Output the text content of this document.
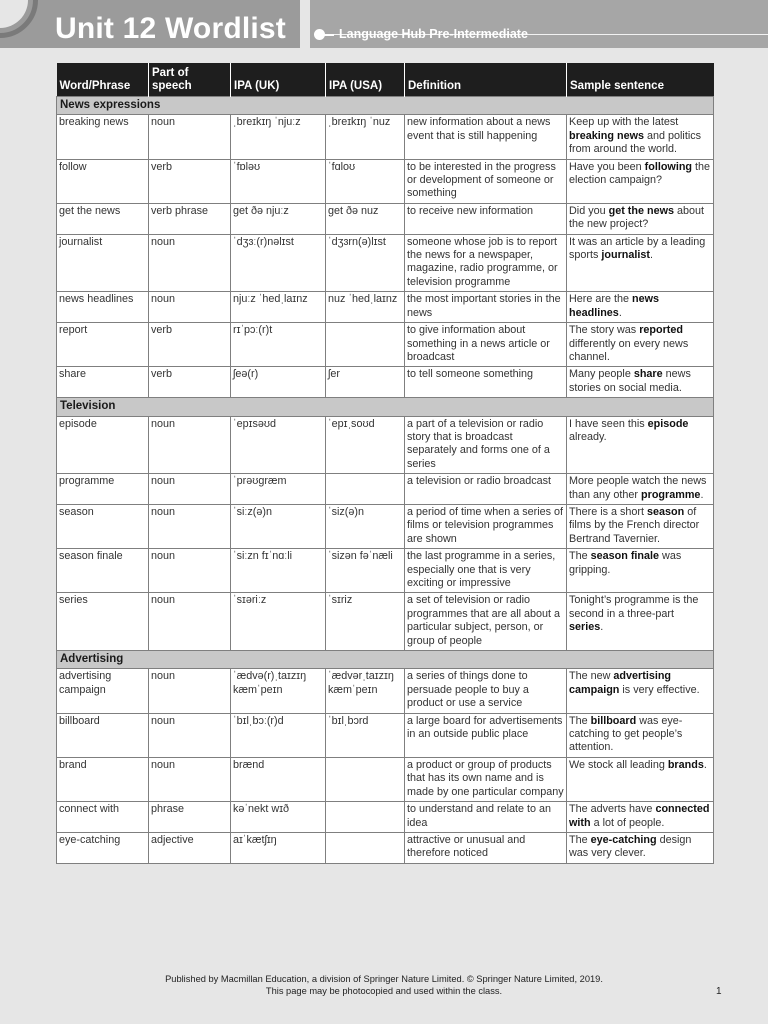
Unit 12 Wordlist	Language Hub Pre-Intermediate
Word/Phrase	Part of speech	IPA (UK)	IPA (USA)	Definition	Sample sentence
News expressions					
breaking news	noun	ˌbreɪkɪŋ ˈnjuːz	ˌbreɪkɪŋ ˈnuz	new information about a news event that is still happening	Keep up with the latest breaking news and politics from around the world.
follow	verb	ˈfɒləʊ	ˈfɑloʊ	to be interested in the progress or development of someone or something	Have you been following the election campaign?
get the news	verb phrase	ɡet ðə njuːz	ɡet ðə nuz	to receive new information	Did you get the news about the new project?
journalist	noun	ˈdʒɜː(r)nəlɪst	ˈdʒɜrn(ə)lɪst	someone whose job is to report the news for a newspaper, magazine, radio programme, or television programme	It was an article by a leading sports journalist.
news headlines	noun	njuːz ˈhedˌlaɪnz	nuz ˈhedˌlaɪnz	the most important stories in the news	Here are the news headlines.
report	verb	rɪˈpɔː(r)t		to give information about something in a news article or broadcast	The story was reported differently on every news channel.
share	verb	ʃeə(r)	ʃer	to tell someone something	Many people share news stories on social media.
Television					
episode	noun	ˈepɪsəʊd	ˈepɪˌsoʊd	a part of a television or radio story that is broadcast separately and forms one of a series	I have seen this episode already.
programme	noun	ˈprəʊɡræm		a television or radio broadcast	More people watch the news than any other programme.
season	noun	ˈsiːz(ə)n	ˈsiz(ə)n	a period of time when a series of films or television programmes are shown	There is a short season of films by the French director Bertrand Tavernier.
season finale	noun	ˈsiːzn fɪˈnɑːli	ˈsizən fəˈnæli	the last programme in a series, especially one that is very exciting or impressive	The season finale was gripping.
series	noun	ˈsɪəriːz	ˈsɪriz	a set of television or radio programmes that are all about a particular subject, person, or group of people	Tonight’s programme is the second in a three-part series.
Advertising					
advertising campaign	noun	ˈædvə(r)ˌtaɪzɪŋ kæmˈpeɪn	ˈædvərˌtaɪzɪŋ kæmˈpeɪn	a series of things done to persuade people to buy a product or use a service	The new advertising campaign is very effective.
billboard	noun	ˈbɪlˌbɔː(r)d	ˈbɪlˌbɔrd	a large board for advertisements in an outside public place	The billboard was eye-catching to get people’s attention.
brand	noun	brænd		a product or group of products that has its own name and is made by one particular company	We stock all leading brands.
connect with	phrase	kəˈnekt wɪð		to understand and relate to an idea	The adverts have connected with a lot of people.
eye-catching	adjective	aɪˈkætʃɪŋ		attractive or unusual and therefore noticed	The eye-catching design was very clever.
Published by Macmillan Education, a division of Springer Nature Limited. © Springer Nature Limited, 2019.
This page may be photocopied and used within the class.	1
